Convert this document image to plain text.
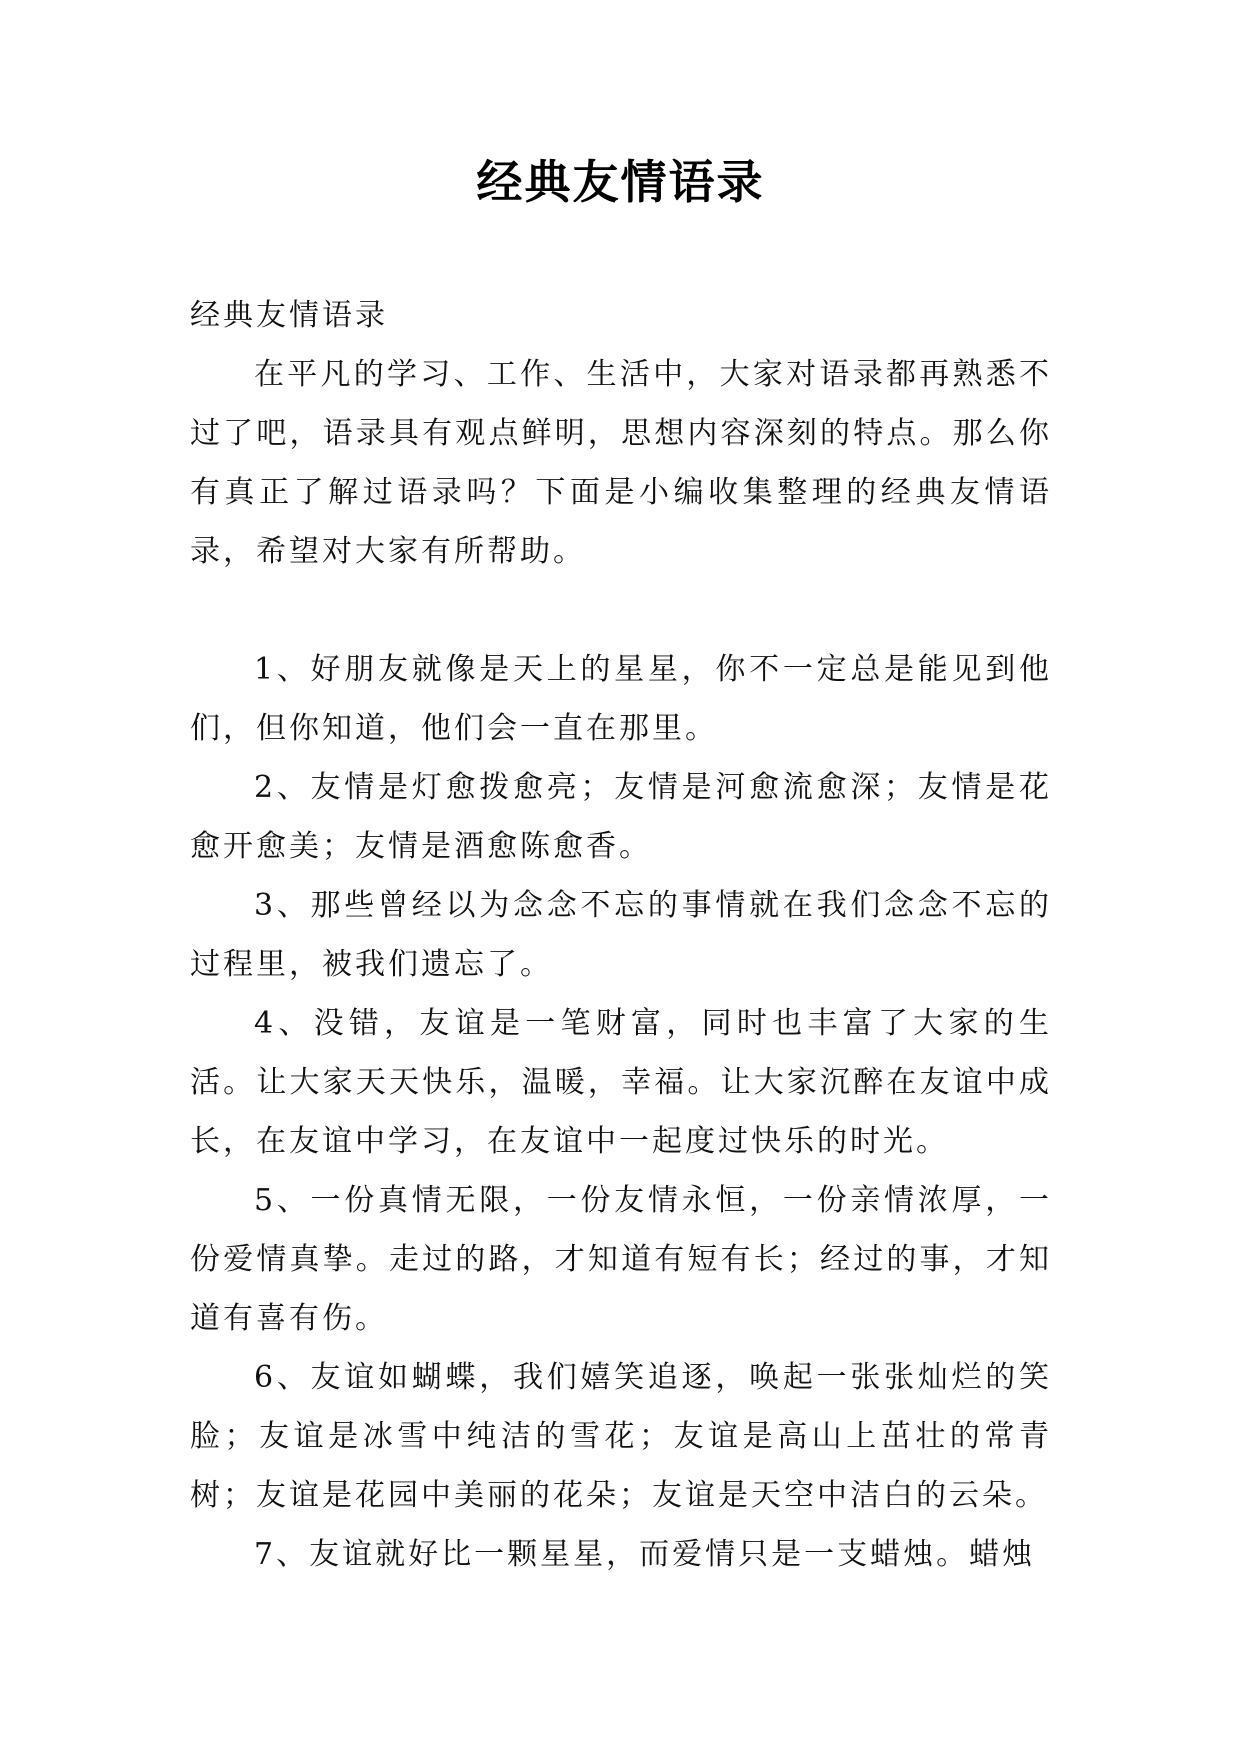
经典友情语录

经典友情语录

在平凡的学习、工作、生活中，大家对语录都再熟悉不过了吧，语录具有观点鲜明，思想内容深刻的特点。那么你有真正了解过语录吗？下面是小编收集整理的经典友情语录，希望对大家有所帮助。

1、好朋友就像是天上的星星，你不一定总是能见到他们，但你知道，他们会一直在那里。

2、友情是灯愈拨愈亮；友情是河愈流愈深；友情是花愈开愈美；友情是酒愈陈愈香。

3、那些曾经以为念念不忘的事情就在我们念念不忘的过程里，被我们遗忘了。

4、没错，友谊是一笔财富，同时也丰富了大家的生活。让大家天天快乐，温暖，幸福。让大家沉醉在友谊中成长，在友谊中学习，在友谊中一起度过快乐的时光。

5、一份真情无限，一份友情永恒，一份亲情浓厚，一份爱情真挚。走过的路，才知道有短有长；经过的事，才知道有喜有伤。

6、友谊如蝴蝶，我们嬉笑追逐，唤起一张张灿烂的笑脸；友谊是冰雪中纯洁的雪花；友谊是高山上茁壮的常青树；友谊是花园中美丽的花朵；友谊是天空中洁白的云朵。

7、友谊就好比一颗星星，而爱情只是一支蜡烛。蜡烛
